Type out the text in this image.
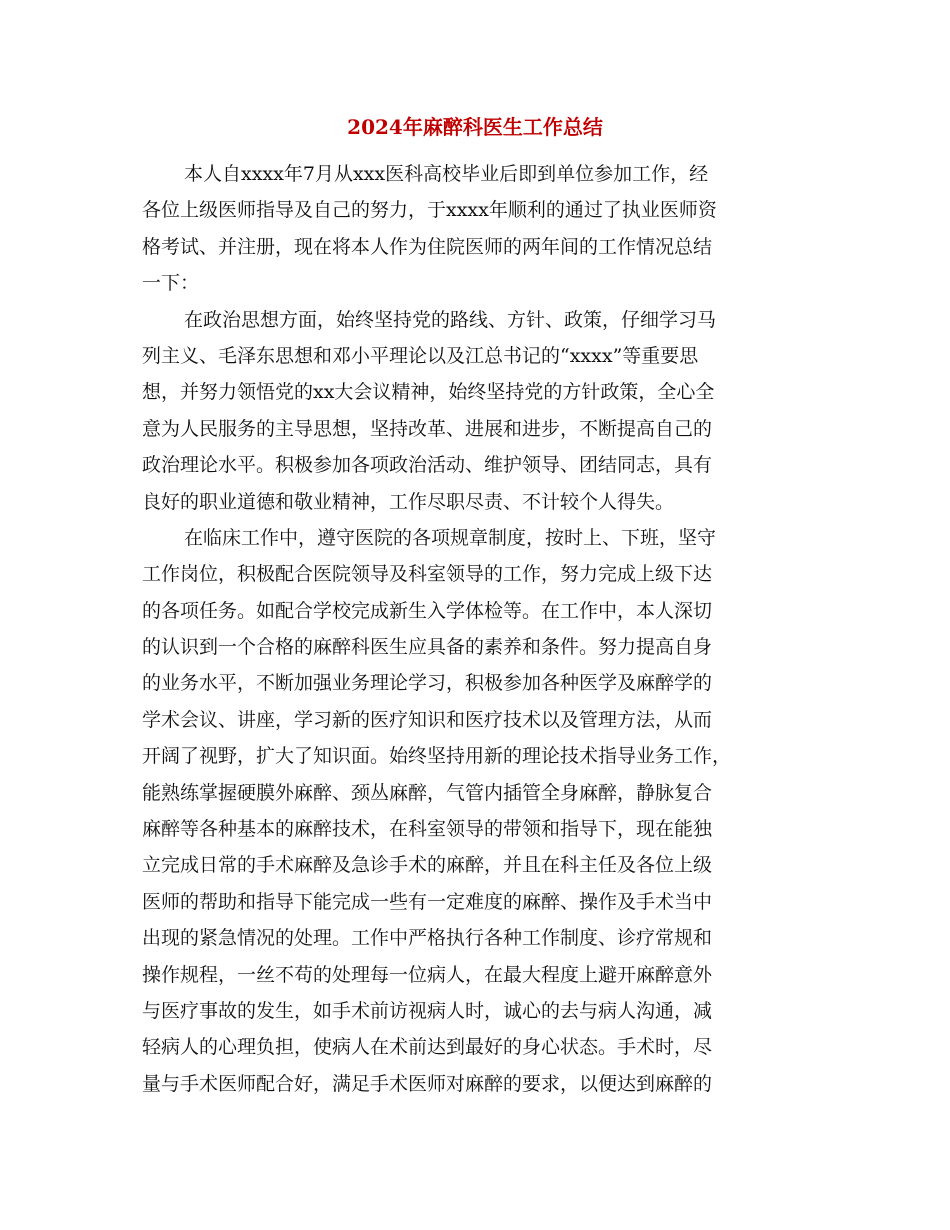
2024年麻醉科医生工作总结
本人自xxxx年7月从xxx医科高校毕业后即到单位参加工作，经
各位上级医师指导及自己的努力，于xxxx年顺利的通过了执业医师资
格考试、并注册，现在将本人作为住院医师的两年间的工作情况总结
一下：
在政治思想方面，始终坚持党的路线、方针、政策，仔细学习马
列主义、毛泽东思想和邓小平理论以及江总书记的“xxxx”等重要思
想，并努力领悟党的xx大会议精神，始终坚持党的方针政策，全心全
意为人民服务的主导思想，坚持改革、进展和进步，不断提高自己的
政治理论水平。积极参加各项政治活动、维护领导、团结同志，具有
良好的职业道德和敬业精神，工作尽职尽责、不计较个人得失。
在临床工作中，遵守医院的各项规章制度，按时上、下班，坚守
工作岗位，积极配合医院领导及科室领导的工作，努力完成上级下达
的各项任务。如配合学校完成新生入学体检等。在工作中，本人深切
的认识到一个合格的麻醉科医生应具备的素养和条件。努力提高自身
的业务水平，不断加强业务理论学习，积极参加各种医学及麻醉学的
学术会议、讲座，学习新的医疗知识和医疗技术以及管理方法，从而
开阔了视野，扩大了知识面。始终坚持用新的理论技术指导业务工作，
能熟练掌握硬膜外麻醉、颈丛麻醉，气管内插管全身麻醉，静脉复合
麻醉等各种基本的麻醉技术，在科室领导的带领和指导下，现在能独
立完成日常的手术麻醉及急诊手术的麻醉，并且在科主任及各位上级
医师的帮助和指导下能完成一些有一定难度的麻醉、操作及手术当中
出现的紧急情况的处理。工作中严格执行各种工作制度、诊疗常规和
操作规程，一丝不苟的处理每一位病人，在最大程度上避开麻醉意外
与医疗事故的发生，如手术前访视病人时，诚心的去与病人沟通，减
轻病人的心理负担，使病人在术前达到最好的身心状态。手术时，尽
量与手术医师配合好，满足手术医师对麻醉的要求，以便达到麻醉的
